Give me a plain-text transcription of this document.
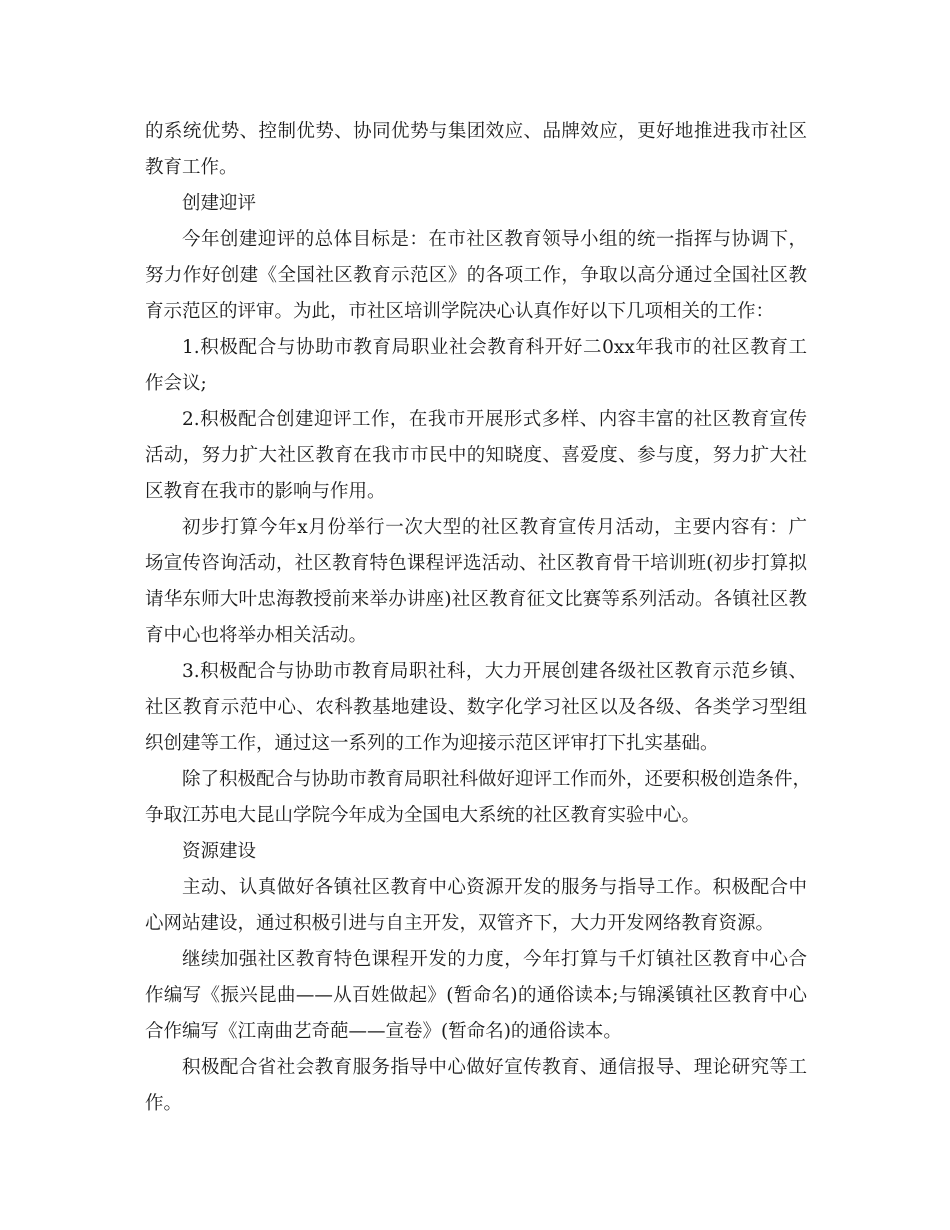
的系统优势、控制优势、协同优势与集团效应、品牌效应，更好地推进我市社区
教育工作。
创建迎评
今年创建迎评的总体目标是：在市社区教育领导小组的统一指挥与协调下，
努力作好创建《全国社区教育示范区》的各项工作，争取以高分通过全国社区教
育示范区的评审。为此，市社区培训学院决心认真作好以下几项相关的工作：
1.积极配合与协助市教育局职业社会教育科开好二0xx年我市的社区教育工
作会议;
2.积极配合创建迎评工作，在我市开展形式多样、内容丰富的社区教育宣传
活动，努力扩大社区教育在我市市民中的知晓度、喜爱度、参与度，努力扩大社
区教育在我市的影响与作用。
初步打算今年x月份举行一次大型的社区教育宣传月活动，主要内容有：广
场宣传咨询活动，社区教育特色课程评选活动、社区教育骨干培训班(初步打算拟
请华东师大叶忠海教授前来举办讲座)社区教育征文比赛等系列活动。各镇社区教
育中心也将举办相关活动。
3.积极配合与协助市教育局职社科，大力开展创建各级社区教育示范乡镇、
社区教育示范中心、农科教基地建设、数字化学习社区以及各级、各类学习型组
织创建等工作，通过这一系列的工作为迎接示范区评审打下扎实基础。
除了积极配合与协助市教育局职社科做好迎评工作而外，还要积极创造条件，
争取江苏电大昆山学院今年成为全国电大系统的社区教育实验中心。
资源建设
主动、认真做好各镇社区教育中心资源开发的服务与指导工作。积极配合中
心网站建设，通过积极引进与自主开发，双管齐下，大力开发网络教育资源。
继续加强社区教育特色课程开发的力度，今年打算与千灯镇社区教育中心合
作编写《振兴昆曲——从百姓做起》(暂命名)的通俗读本;与锦溪镇社区教育中心
合作编写《江南曲艺奇葩——宣卷》(暂命名)的通俗读本。
积极配合省社会教育服务指导中心做好宣传教育、通信报导、理论研究等工
作。
